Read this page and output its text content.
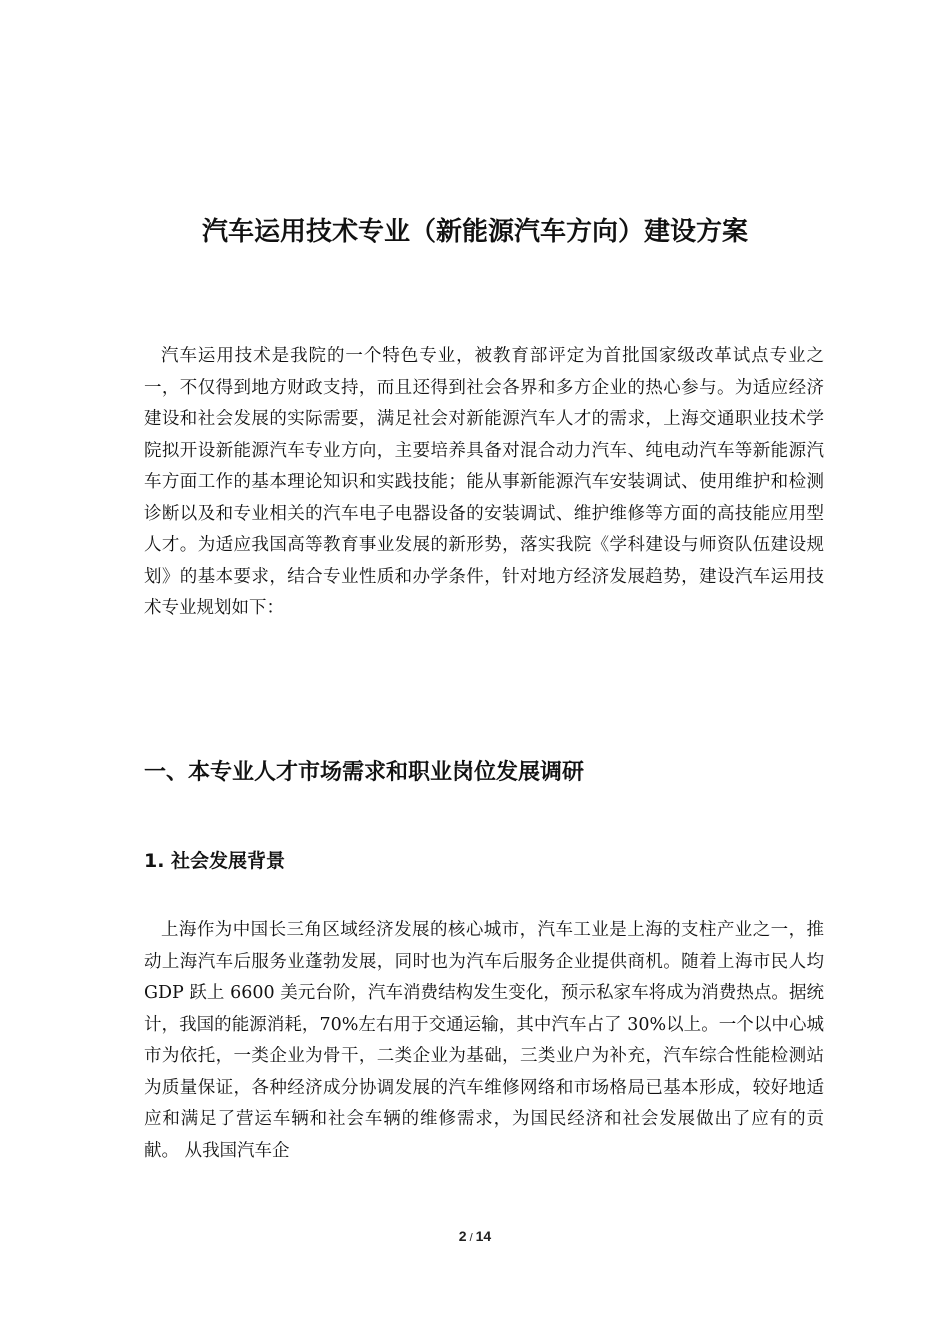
汽车运用技术专业（新能源汽车方向）建设方案

汽车运用技术是我院的一个特色专业，被教育部评定为首批国家级改革试点专业之一，不仅得到地方财政支持，而且还得到社会各界和多方企业的热心参与。为适应经济建设和社会发展的实际需要，满足社会对新能源汽车人才的需求，上海交通职业技术学院拟开设新能源汽车专业方向，主要培养具备对混合动力汽车、纯电动汽车等新能源汽车方面工作的基本理论知识和实践技能；能从事新能源汽车安装调试、使用维护和检测诊断以及和专业相关的汽车电子电器设备的安装调试、维护维修等方面的高技能应用型人才。为适应我国高等教育事业发展的新形势，落实我院《学科建设与师资队伍建设规划》的基本要求，结合专业性质和办学条件，针对地方经济发展趋势，建设汽车运用技术专业规划如下：

一、本专业人才市场需求和职业岗位发展调研
1. 社会发展背景

上海作为中国长三角区域经济发展的核心城市，汽车工业是上海的支柱产业之一，推动上海汽车后服务业蓬勃发展，同时也为汽车后服务企业提供商机。随着上海市民人均 GDP 跃上 6600 美元台阶，汽车消费结构发生变化，预示私家车将成为消费热点。据统计，我国的能源消耗，70%左右用于交通运输，其中汽车占了 30%以上。一个以中心城市为依托，一类企业为骨干，二类企业为基础，三类业户为补充，汽车综合性能检测站为质量保证，各种经济成分协调发展的汽车维修网络和市场格局已基本形成，较好地适应和满足了营运车辆和社会车辆的维修需求，为国民经济和社会发展做出了应有的贡献。 从我国汽车企

2 / 14
